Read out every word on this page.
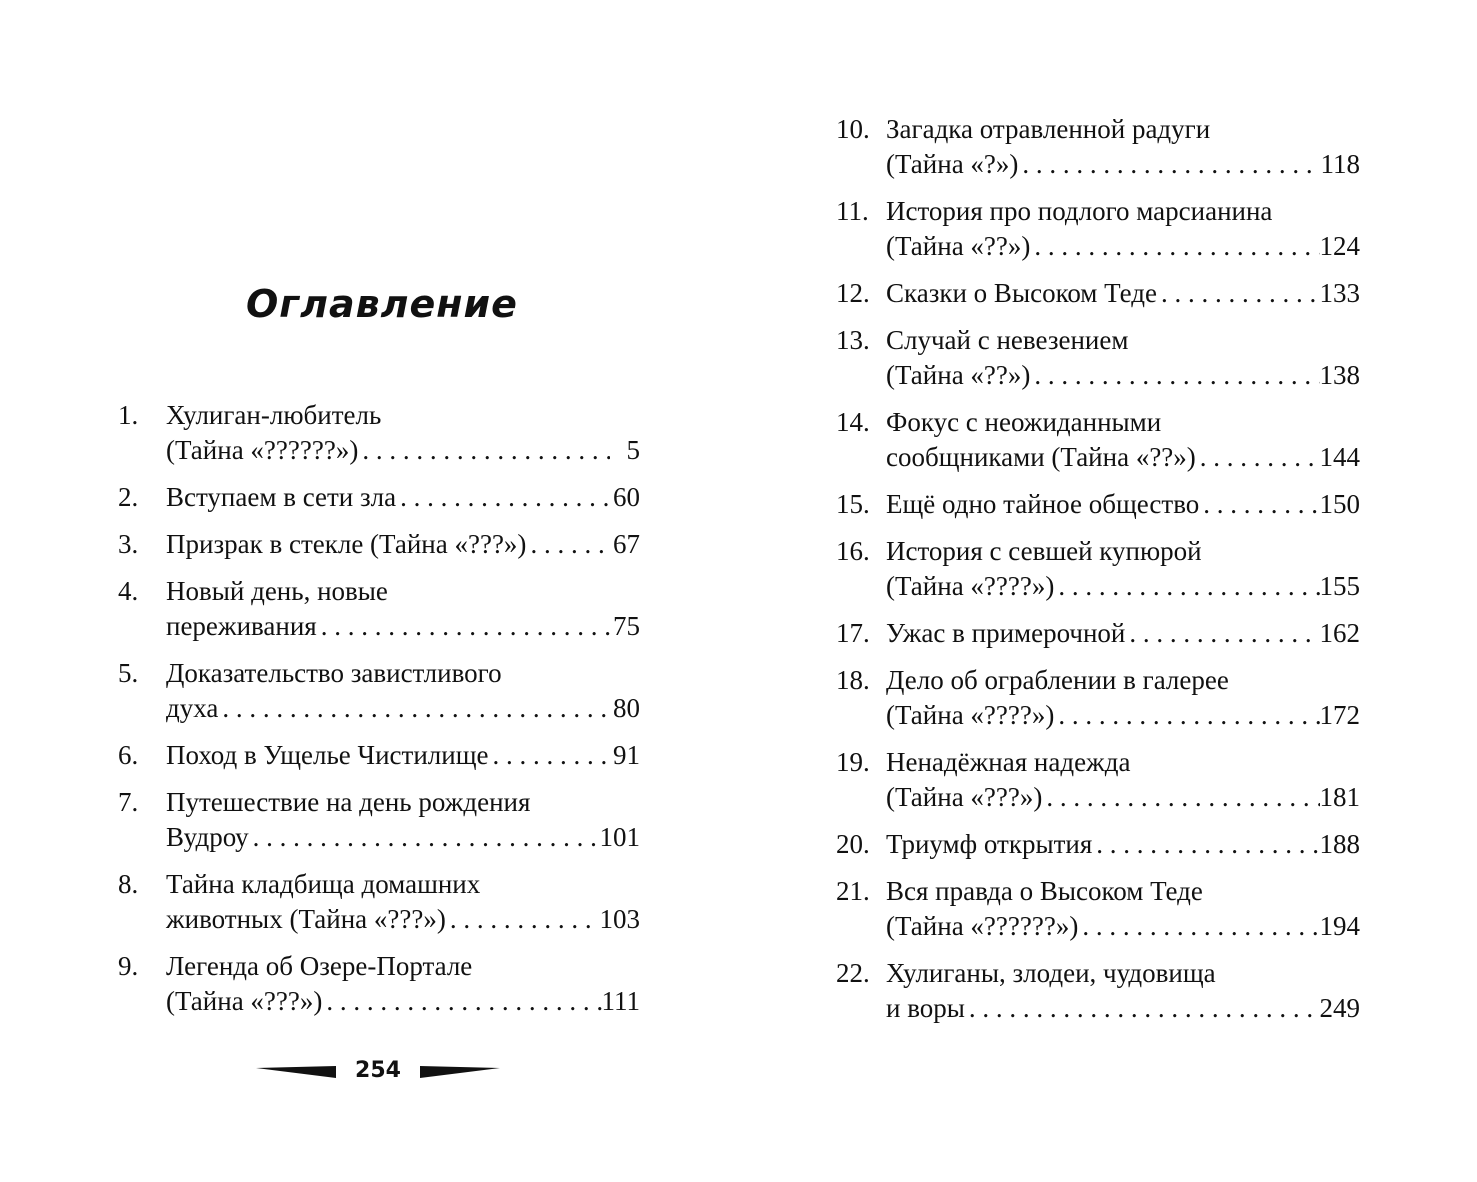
Оглавление
1.	Хулиган-любитель
(Тайна «??????») . . .	5
2.	Вступаем в сети зла . . .	60
3.	Призрак в стекле (Тайна «???») . . .	67
4.	Новый день, новые
переживания . . .	75
5.	Доказательство завистливого
духа . . .	80
6.	Поход в Ущелье Чистилище . . .	91
7.	Путешествие на день рождения
Вудроу . . .	101
8.	Тайна кладбища домашних
животных (Тайна «???») . . .	103
9.	Легенда об Озере-Портале
(Тайна «???») . . .	111
10. Загадка отравленной радуги
(Тайна «?») . . .	118
11. История про подлого марсианина
(Тайна «??») . . .	124
12. Сказки о Высоком Теде . . .	133
13. Случай с невезением
(Тайна «??») . . .	138
14. Фокус с неожиданными
сообщниками (Тайна «??») . . .	144
15. Ещё одно тайное общество . . .	150
16. История с севшей купюрой
(Тайна «????») . . .	155
17. Ужас в примерочной . . .	162
18. Дело об ограблении в галерее
(Тайна «????») . . .	172
19. Ненадёжная надежда
(Тайна «???») . . .	181
20. Триумф открытия . . .	188
21. Вся правда о Высоком Теде
(Тайна «??????») . . .	194
22. Хулиганы, злодеи, чудовища
и воры . . .	249
254
